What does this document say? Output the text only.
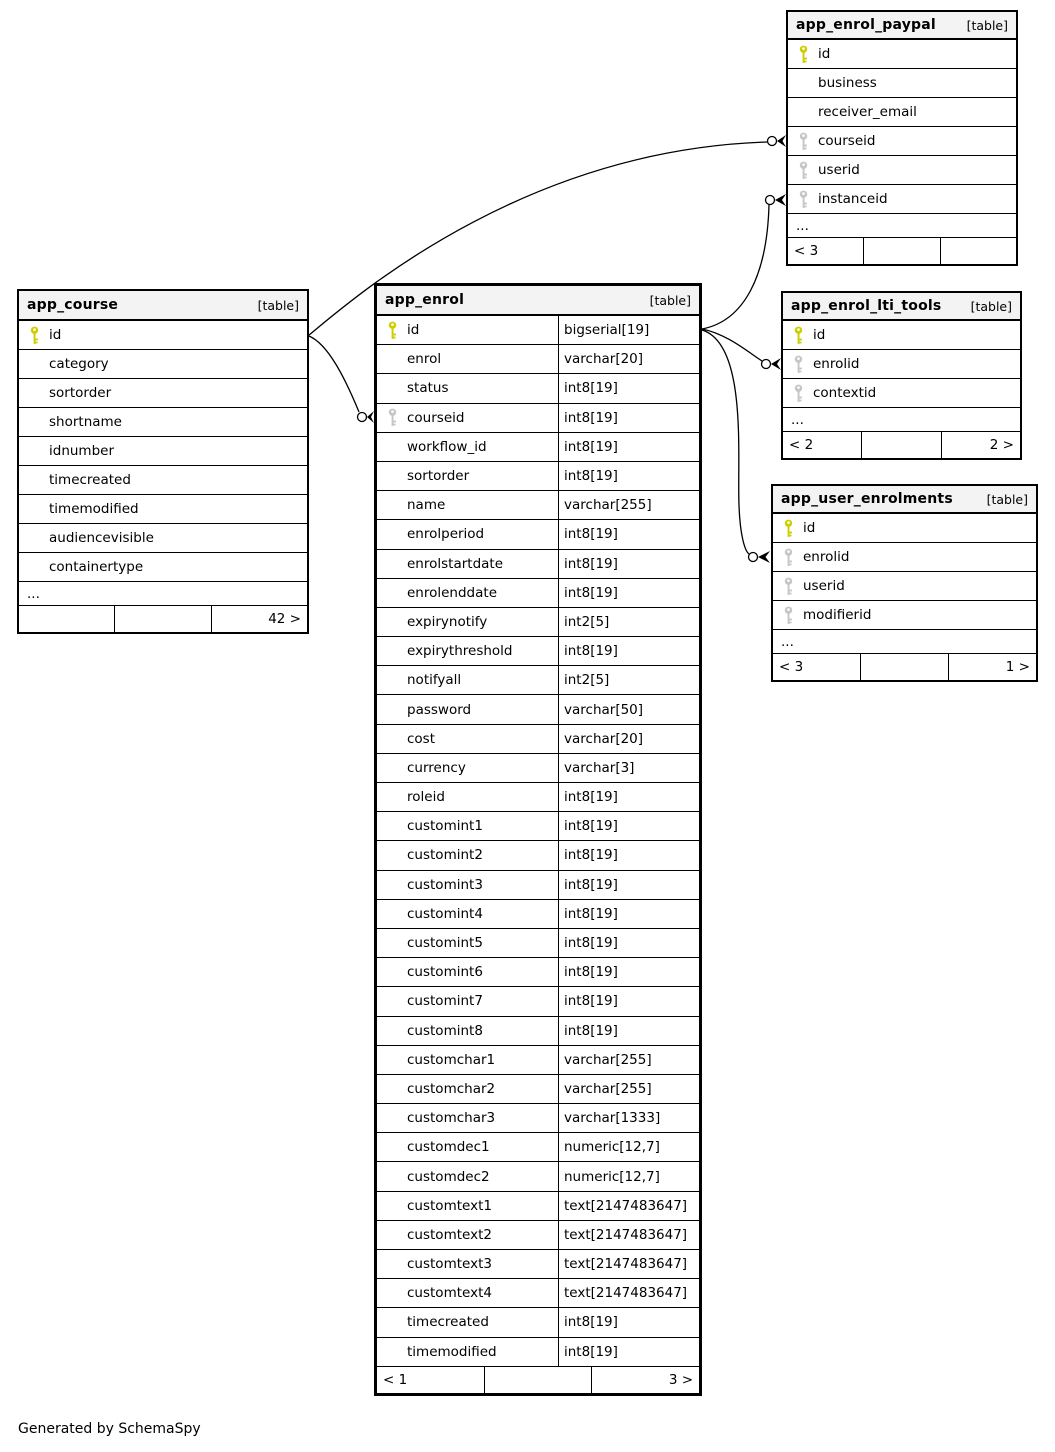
Generated by SchemaSpy
app_course	[table]
id
category
sortorder
shortname
idnumber
timecreated
timemodified
audiencevisible
containertype
...
42 >
app_enrol	[table]
id	bigserial[19]
enrol	varchar[20]
status	int8[19]
courseid	int8[19]
workflow_id	int8[19]
sortorder	int8[19]
name	varchar[255]
enrolperiod	int8[19]
enrolstartdate	int8[19]
enrolenddate	int8[19]
expirynotify	int2[5]
expirythreshold	int8[19]
notifyall	int2[5]
password	varchar[50]
cost	varchar[20]
currency	varchar[3]
roleid	int8[19]
customint1	int8[19]
customint2	int8[19]
customint3	int8[19]
customint4	int8[19]
customint5	int8[19]
customint6	int8[19]
customint7	int8[19]
customint8	int8[19]
customchar1	varchar[255]
customchar2	varchar[255]
customchar3	varchar[1333]
customdec1	numeric[12,7]
customdec2	numeric[12,7]
customtext1	text[2147483647]
customtext2	text[2147483647]
customtext3	text[2147483647]
customtext4	text[2147483647]
timecreated	int8[19]
timemodified	int8[19]
< 1	3 >
app_enrol_paypal [table]
id
business
receiver_email
courseid
userid
instanceid
...
< 3
app_enrol_lti_tools [table]
id
enrolid
contextid
...
< 2	2 >
app_user_enrolments	[table]
id
enrolid
userid
modifierid
...
< 3	1 >
